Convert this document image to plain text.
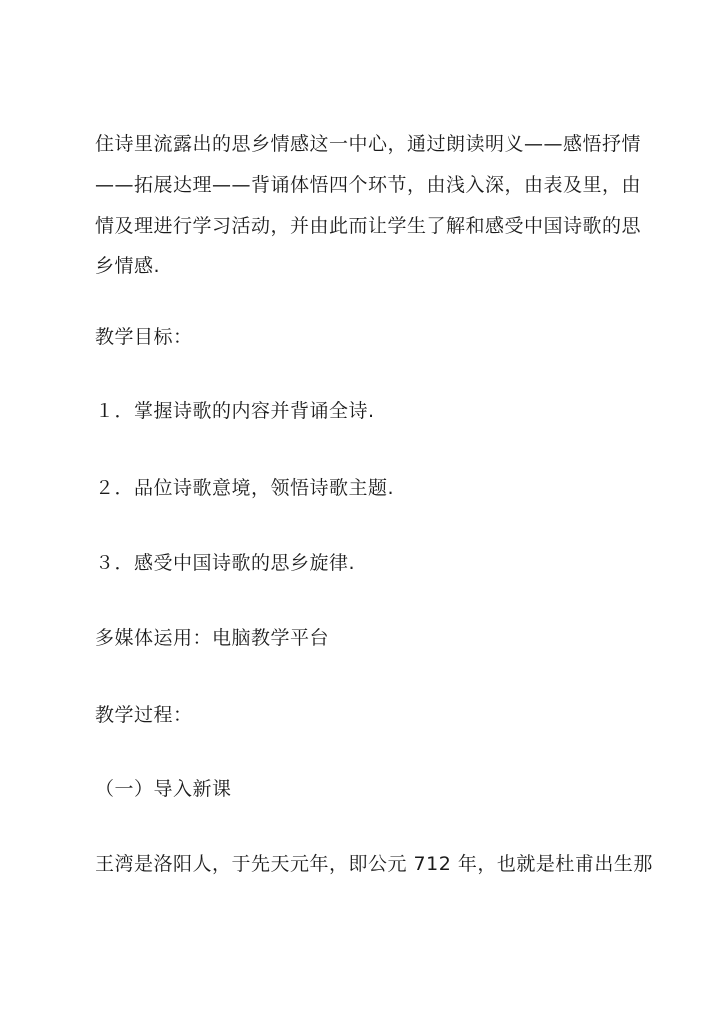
住诗里流露出的思乡情感这一中心，通过朗读明义——感悟抒情
——拓展达理——背诵体悟四个环节，由浅入深，由表及里，由
情及理进行学习活动，并由此而让学生了解和感受中国诗歌的思
乡情感.
教学目标：
１．掌握诗歌的内容并背诵全诗.
２．品位诗歌意境，领悟诗歌主题.
３．感受中国诗歌的思乡旋律.
多媒体运用：电脑教学平台
教学过程：
（一）导入新课
王湾是洛阳人，于先天元年，即公元 712 年，也就是杜甫出生那
